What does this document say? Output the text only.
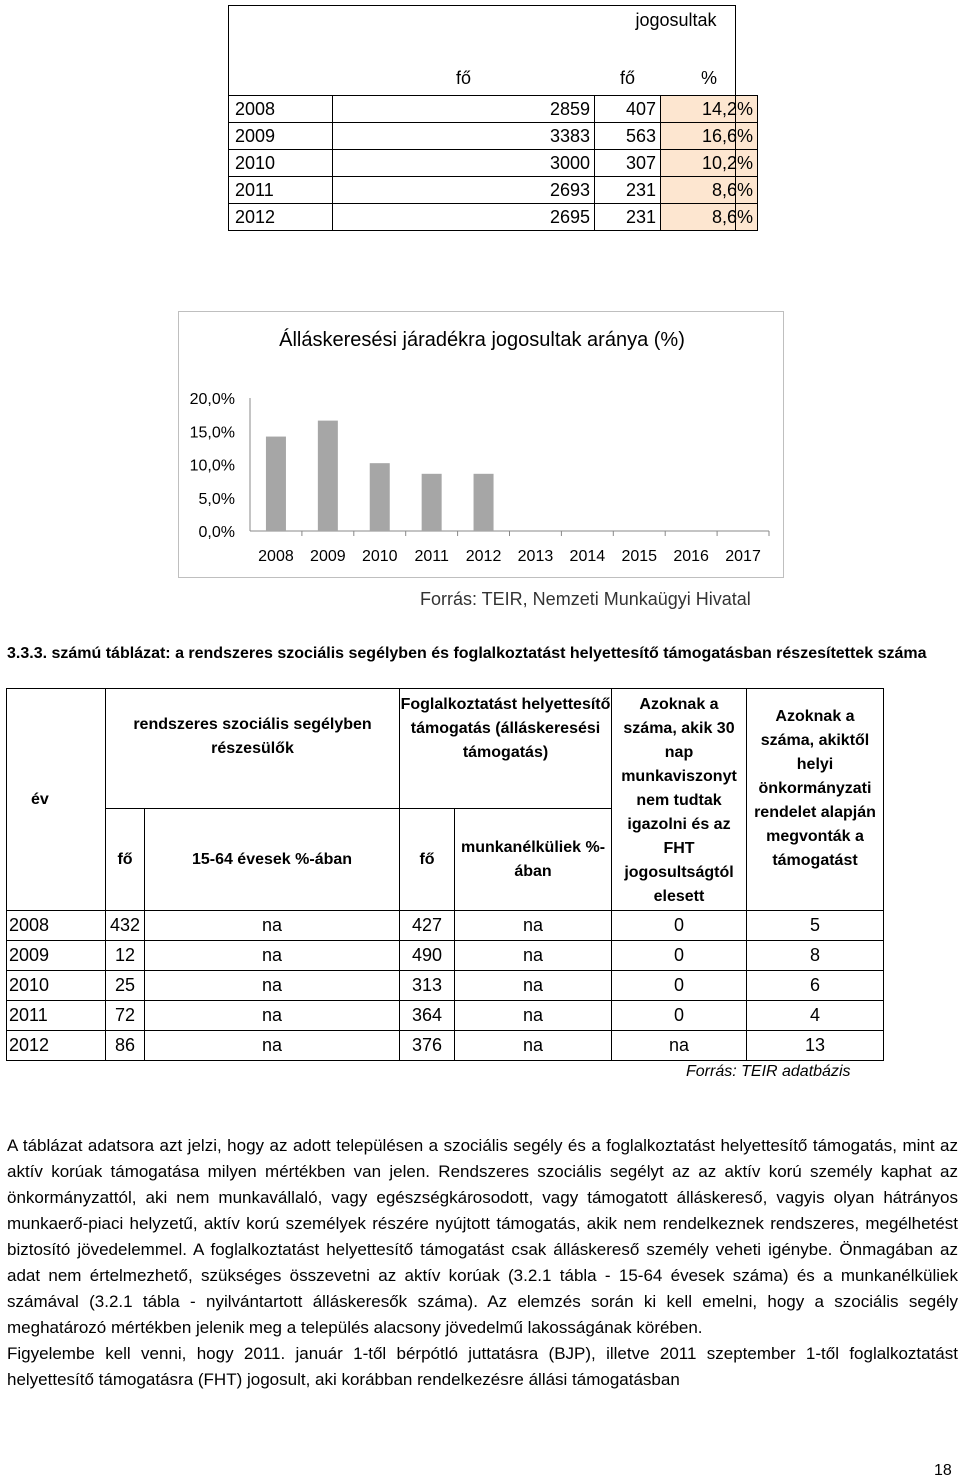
		jogosultak	

	fő	fő	%
2008	2859	407	14,2%
2009	3383	563	16,6%
2010	3000	307	10,2%
2011	2693	231	8,6%
2012	2695	231	8,6%
Álláskeresési járadékra jogosultak aránya (%)
20,0%
15,0%
10,0%
5,0%
0,0%
2008 2009 2010 2011 2012 2013 2014 2015 2016 2017
Forrás: TEIR, Nemzeti Munkaügyi Hivatal
3.3.3. számú táblázat: a rendszeres szociális segélyben és foglalkoztatást helyettesítő támogatásban részesítettek száma
év	rendszeres szociális segélyben részesülők		Foglalkoztatást helyettesítő támogatás (álláskeresési támogatás)		Azoknak a száma, akik 30 nap munkaviszonyt nem tudtak igazolni és az FHT jogosultságtól elesett	Azoknak a száma, akiktől helyi önkormányzati rendelet alapján megvonták a támogatást
	fő	15-64 évesek %-ában	fő	munkanélküliek %-ában		
2008	432	na	427	na	0	5
2009	12	na	490	na	0	8
2010	25	na	313	na	0	6
2011	72	na	364	na	0	4
2012	86	na	376	na	na	13
Forrás: TEIR adatbázis

A táblázat adatsora azt jelzi, hogy az adott településen a szociális segély és a foglalkoztatást helyettesítő támogatás, mint az aktív korúak támogatása milyen mértékben van jelen. Rendszeres szociális segélyt az az aktív korú személy kaphat az önkormányzattól, aki nem munkavállaló, vagy egészségkárosodott, vagy támogatott álláskereső, vagyis olyan hátrányos munkaerő-piaci helyzetű, aktív korú személyek részére nyújtott támogatás, akik nem rendelkeznek rendszeres, megélhetést biztosító jövedelemmel. A foglalkoztatást helyettesítő támogatást csak álláskereső személy veheti igénybe. Önmagában az adat nem értelmezhető, szükséges összevetni az aktív korúak (3.2.1 tábla - 15-64 évesek száma) és a munkanélküliek számával (3.2.1 tábla - nyilvántartott álláskeresők száma). Az elemzés során ki kell emelni, hogy a szociális segély meghatározó mértékben jelenik meg a település alacsony jövedelmű lakosságának körében.

Figyelembe kell venni, hogy 2011. január 1-től bérpótló juttatásra (BJP), illetve 2011 szeptember 1-től foglalkoztatást helyettesítő támogatásra (FHT) jogosult, aki korábban rendelkezésre állási támogatásban

18
